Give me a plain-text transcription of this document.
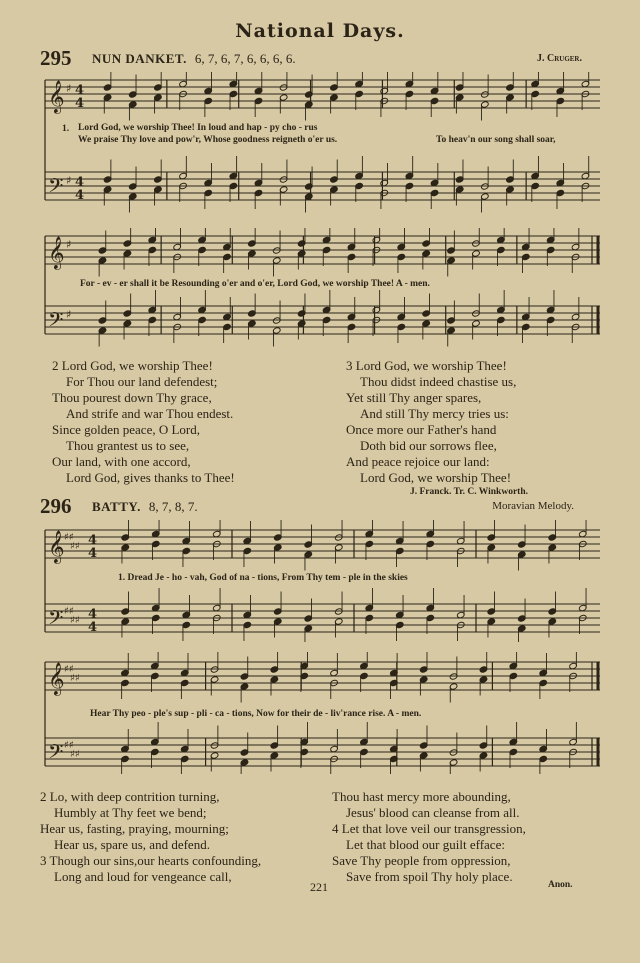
National Days.
295 NUN DANKET. 6, 7, 6, 7, 6, 6, 6, 6.	J. Cruger.
𝄞
𝄢
♯
♯
4
4
4
4
1. Lord God, we worship Thee! In loud and hap - py cho - rus
We praise Thy love and pow'r, Whose goodness reigneth o'er us.	To heav'n our song shall soar,
𝄞
𝄢
♯
♯
For - ev - er shall it be Resounding o'er and o'er, Lord God, we worship Thee! A - men.
2 Lord God, we worship Thee!
For Thou our land defendest;
Thou pourest down Thy grace,
And strife and war Thou endest.
Since golden peace, O Lord,
Thou grantest us to see,
Our land, with one accord,
Lord God, gives thanks to Thee!
3 Lord God, we worship Thee!
Thou didst indeed chastise us,
Yet still Thy anger spares,
And still Thy mercy tries us:
Once more our Father's hand
Doth bid our sorrows flee,
And peace rejoice our land:
Lord God, we worship Thee!
J. Franck. Tr. C. Winkworth.
296 BATTY. 8, 7, 8, 7.	Moravian Melody.
𝄞
𝄢
♯♯
♯♯
♯♯
♯♯
4
4
4
4
1. Dread Je - ho - vah, God of na - tions, From Thy tem - ple in the skies
𝄞
𝄢
♯♯
♯♯
♯♯
♯♯
Hear Thy peo - ple's sup - pli - ca - tions, Now for their de - liv'rance rise. A - men.
2 Lo, with deep contrition turning,
Humbly at Thy feet we bend;
Hear us, fasting, praying, mourning;
Hear us, spare us, and defend.
3 Though our sins,our hearts confounding,
Long and loud for vengeance call,
Thou hast mercy more abounding,
Jesus' blood can cleanse from all.
4 Let that love veil our transgression,
Let that blood our guilt efface:
Save Thy people from oppression,
Save from spoil Thy holy place.
221	Anon.
